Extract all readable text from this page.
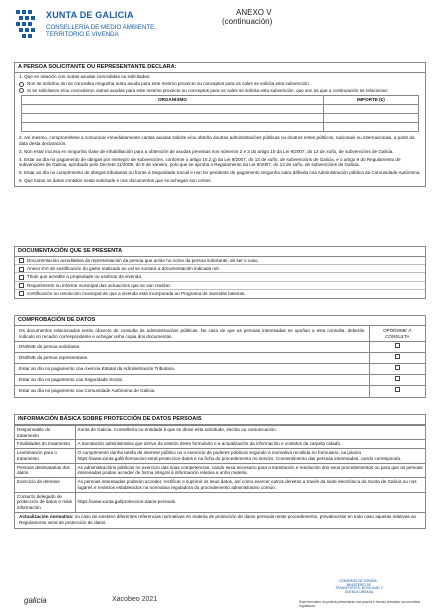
XUNTA DE GALICIA
CONSELLERÍA DE MEDIO AMBIENTE,
TERRITORIO E VIVENDA
ANEXO V
(continuación)
A PERSOA SOLICITANTE OU REPRESENTANTE DECLARA:
1. Que en relación con outras axudas concedidas ou solicitadas:
Non se solicitou nin se concedeu ningunha outra axuda para este mesmo proxecto ou conceptos para os cales se solicita esta subvención.
Si se solicitaron e/ou concederon outras axudas para este mesmo proxecto ou conceptos para os cales se solicita esta subvención, que son as que a continuación se relacionan:
ORGANISMO	IMPORTE (€)

2. Así mesmo, comprométese a comunicar inmediatamente cantas axudas solicite e/ou obteña doutras administracións públicas ou doutros entes públicos, nacionais ou internacionais, a partir da data desta declaración.
3. Non estar incursa en ningunha clase de inhabilitación para a obtención de axudas previstas nos números 2 e 3 do artigo 10 da Lei 9/2007, do 13 de xuño, de subvencións de Galicia.
4. Estar ao día no pagamento de obrigas por reintegro de subvencións, conforme o artigo 10.2.g) da Lei 9/2007, do 13 de xuño, de subvencións de Galicia, e o artigo 9 do Regulamento de subvencións de Galicia, aprobado polo Decreto 11/2009, do 8 de xaneiro, polo que se aproba o Regulamento da Lei 9/2007, do 13 de xuño, de subvencións de Galicia.
5. Estar ao día no cumprimento de obrigas tributarias ou fronte á Seguridade Social e non ter pendente de pagamento ningunha outra débeda coa Administración pública da Comunidade Autónoma.
6. Que todos os datos contidos nesta solicitude e nos documentos que se achegan son certos.
DOCUMENTACIÓN QUE SE PRESENTA
Documentación acreditativa da representación da persoa que actúe no nome da persoa solicitante, de ser o caso.
Anexo XVI de xustificación do gasto realizado ao cal se xuntará a documentación indicada nel.
Título que acredite a propiedade ou usufruto da vivenda.
Requirimento ou informe municipal das actuacións que se van realizar.
Certificación ou resolución municipal de que a vivenda está incorporada ao Programa de vivendas baleiras.
COMPROBACIÓN DE DATOS
Os documentos relacionados serán obxecto de consulta ás administracións públicas. No caso de que as persoas interesadas se opoñan a esta consulta, deberán indicalo no recadro correspondente e achegar unha copia dos documentos.	OPÓÑOME Á CONSULTA
DNI/NIE da persoa solicitante.	
DNI/NIE da persoa representante.	
Estar ao día no pagamento coa Axencia Estatal da Administración Tributaria.	
Estar ao día no pagamento coa Seguridade Social.	
Estar ao día no pagamento coa Comunidade Autónoma de Galicia.	
INFORMACIÓN BÁSICA SOBRE PROTECCIÓN DE DATOS PERSOAIS
Responsable do tratamento	Xunta de Galicia. Consellería ou entidade á que se dirixe esta solicitude, escrito ou comunicación.
Finalidades do tratamento	A tramitación administrativa que derive da xestión deste formulario e a actualización da información e contidos da carpeta cidadá.
Lexitimación para o tratamento	O cumprimento dunha tarefa de interese público ou o exercicio de poderes públicos segundo a normativa recollida no formulario, na páxina https://www.xunta.gal/informacion-xeral-proteccion-datos e na ficha do procedemento no servizo. Consentimento das persoas interesadas, cando corresponda.
Persoas destinatarias dos datos	As administracións públicas no exercicio das súas competencias, cando sexa necesario para a tramitación e resolución dos seus procedementos ou para que as persoas interesadas poidan acceder de forma integral á información relativa a unha materia.
Exercicio de dereitos	As persoas interesadas poderán acceder, rectificar e suprimir os seus datos, así como exercer outros dereitos a través da sede electrónica da Xunta de Galicia ou nos lugares e rexistros establecidos na normativa reguladora do procedemento administrativo común.
Contacto delegado de protección de datos e máis información	https://www.xunta.gal/proteccion-datos-persoais
Actualización normativa: no caso de existiren diferentes referencias normativas en materia de protección de datos persoais neste procedemento, prevalecerán en todo caso aquelas relativas ao Regulamento xeral de protección de datos.
galicia	Xacobeo 2021
GOBIERNO DE ESPAÑA · MINISTERIO DE TRANSPORTES, MOVILIDAD Y AGENDA URBANA
Este formulario só poderá presentarse nos prazos e formas previstas na normativa reguladora
